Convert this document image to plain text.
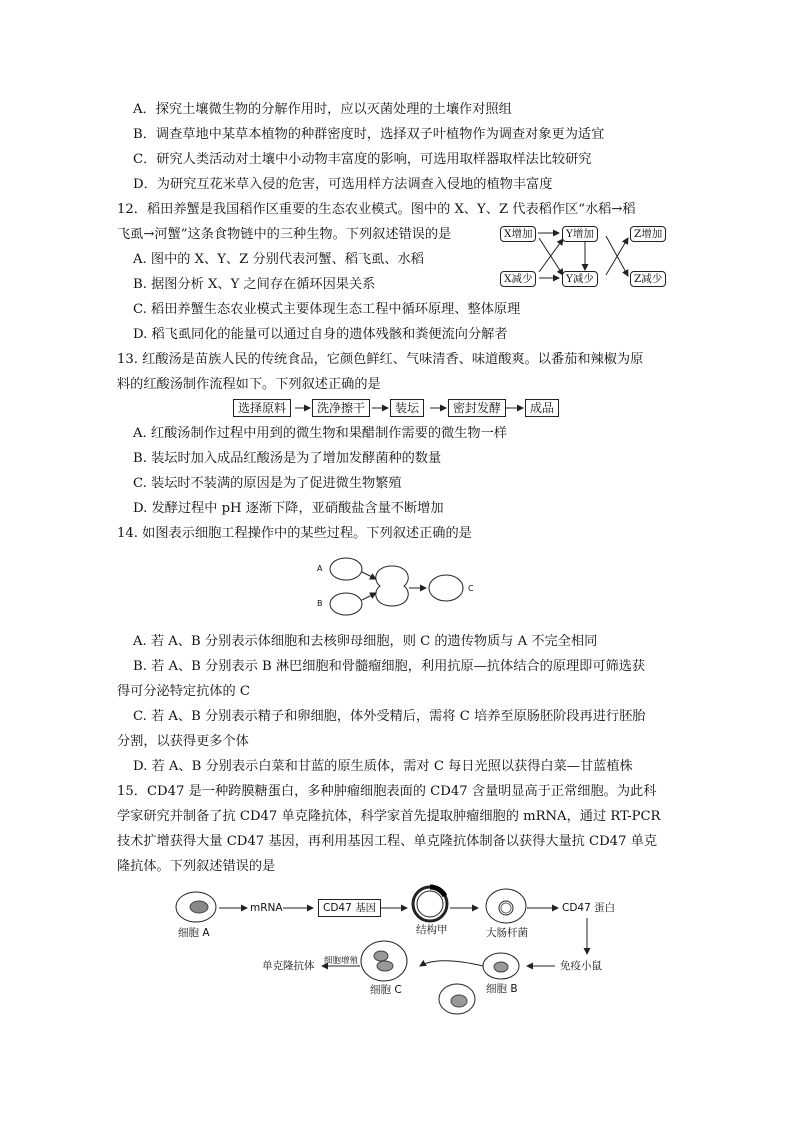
A．探究土壤微生物的分解作用时，应以灭菌处理的土壤作对照组
B．调查草地中某草本植物的种群密度时，选择双子叶植物作为调查对象更为适宜
C．研究人类活动对土壤中小动物丰富度的影响，可选用取样器取样法比较研究
D．为研究互花米草入侵的危害，可选用样方法调查入侵地的植物丰富度
12．稻田养蟹是我国稻作区重要的生态农业模式。图中的 X、Y、Z 代表稻作区“水稻→稻
飞虱→河蟹”这条食物链中的三种生物。下列叙述错误的是
A. 图中的 X、Y、Z 分别代表河蟹、稻飞虱、水稻
B. 据图分析 X、Y 之间存在循环因果关系
C. 稻田养蟹生态农业模式主要体现生态工程中循环原理、整体原理
D. 稻飞虱同化的能量可以通过自身的遗体残骸和粪便流向分解者
X增加	Y增加	Z增加
X减少	Y减少	Z减少
13. 红酸汤是苗族人民的传统食品，它颜色鲜红、气味清香、味道酸爽。以番茄和辣椒为原
料的红酸汤制作流程如下。下列叙述正确的是
选择原料	洗净擦干	装坛	密封发酵	成品
A. 红酸汤制作过程中用到的微生物和果醋制作需要的微生物一样
B. 装坛时加入成品红酸汤是为了增加发酵菌种的数量
C. 装坛时不装满的原因是为了促进微生物繁殖
D. 发酵过程中 pH 逐渐下降，亚硝酸盐含量不断增加
14. 如图表示细胞工程操作中的某些过程。下列叙述正确的是
A
B
C
A. 若 A、B 分别表示体细胞和去核卵母细胞，则 C 的遗传物质与 A 不完全相同
B. 若 A、B 分别表示 B 淋巴细胞和骨髓瘤细胞，利用抗原—抗体结合的原理即可筛选获
得可分泌特定抗体的 C
C. 若 A、B 分别表示精子和卵细胞，体外受精后，需将 C 培养至原肠胚阶段再进行胚胎
分割，以获得更多个体
D. 若 A、B 分别表示白菜和甘蓝的原生质体，需对 C 每日光照以获得白菜—甘蓝植株
15．CD47 是一种跨膜糖蛋白，多种肿瘤细胞表面的 CD47 含量明显高于正常细胞。为此科
学家研究并制备了抗 CD47 单克隆抗体，科学家首先提取肿瘤细胞的 mRNA，通过 RT-PCR
技术扩增获得大量 CD47 基因，再利用基因工程、单克隆抗体制备以获得大量抗 CD47 单克
隆抗体。下列叙述错误的是
细胞 A
mRNA	CD47 基因
结构甲	大肠杆菌
CD47 蛋白
免疫小鼠
细胞 B
细胞 C
细胞增殖
单克隆抗体
